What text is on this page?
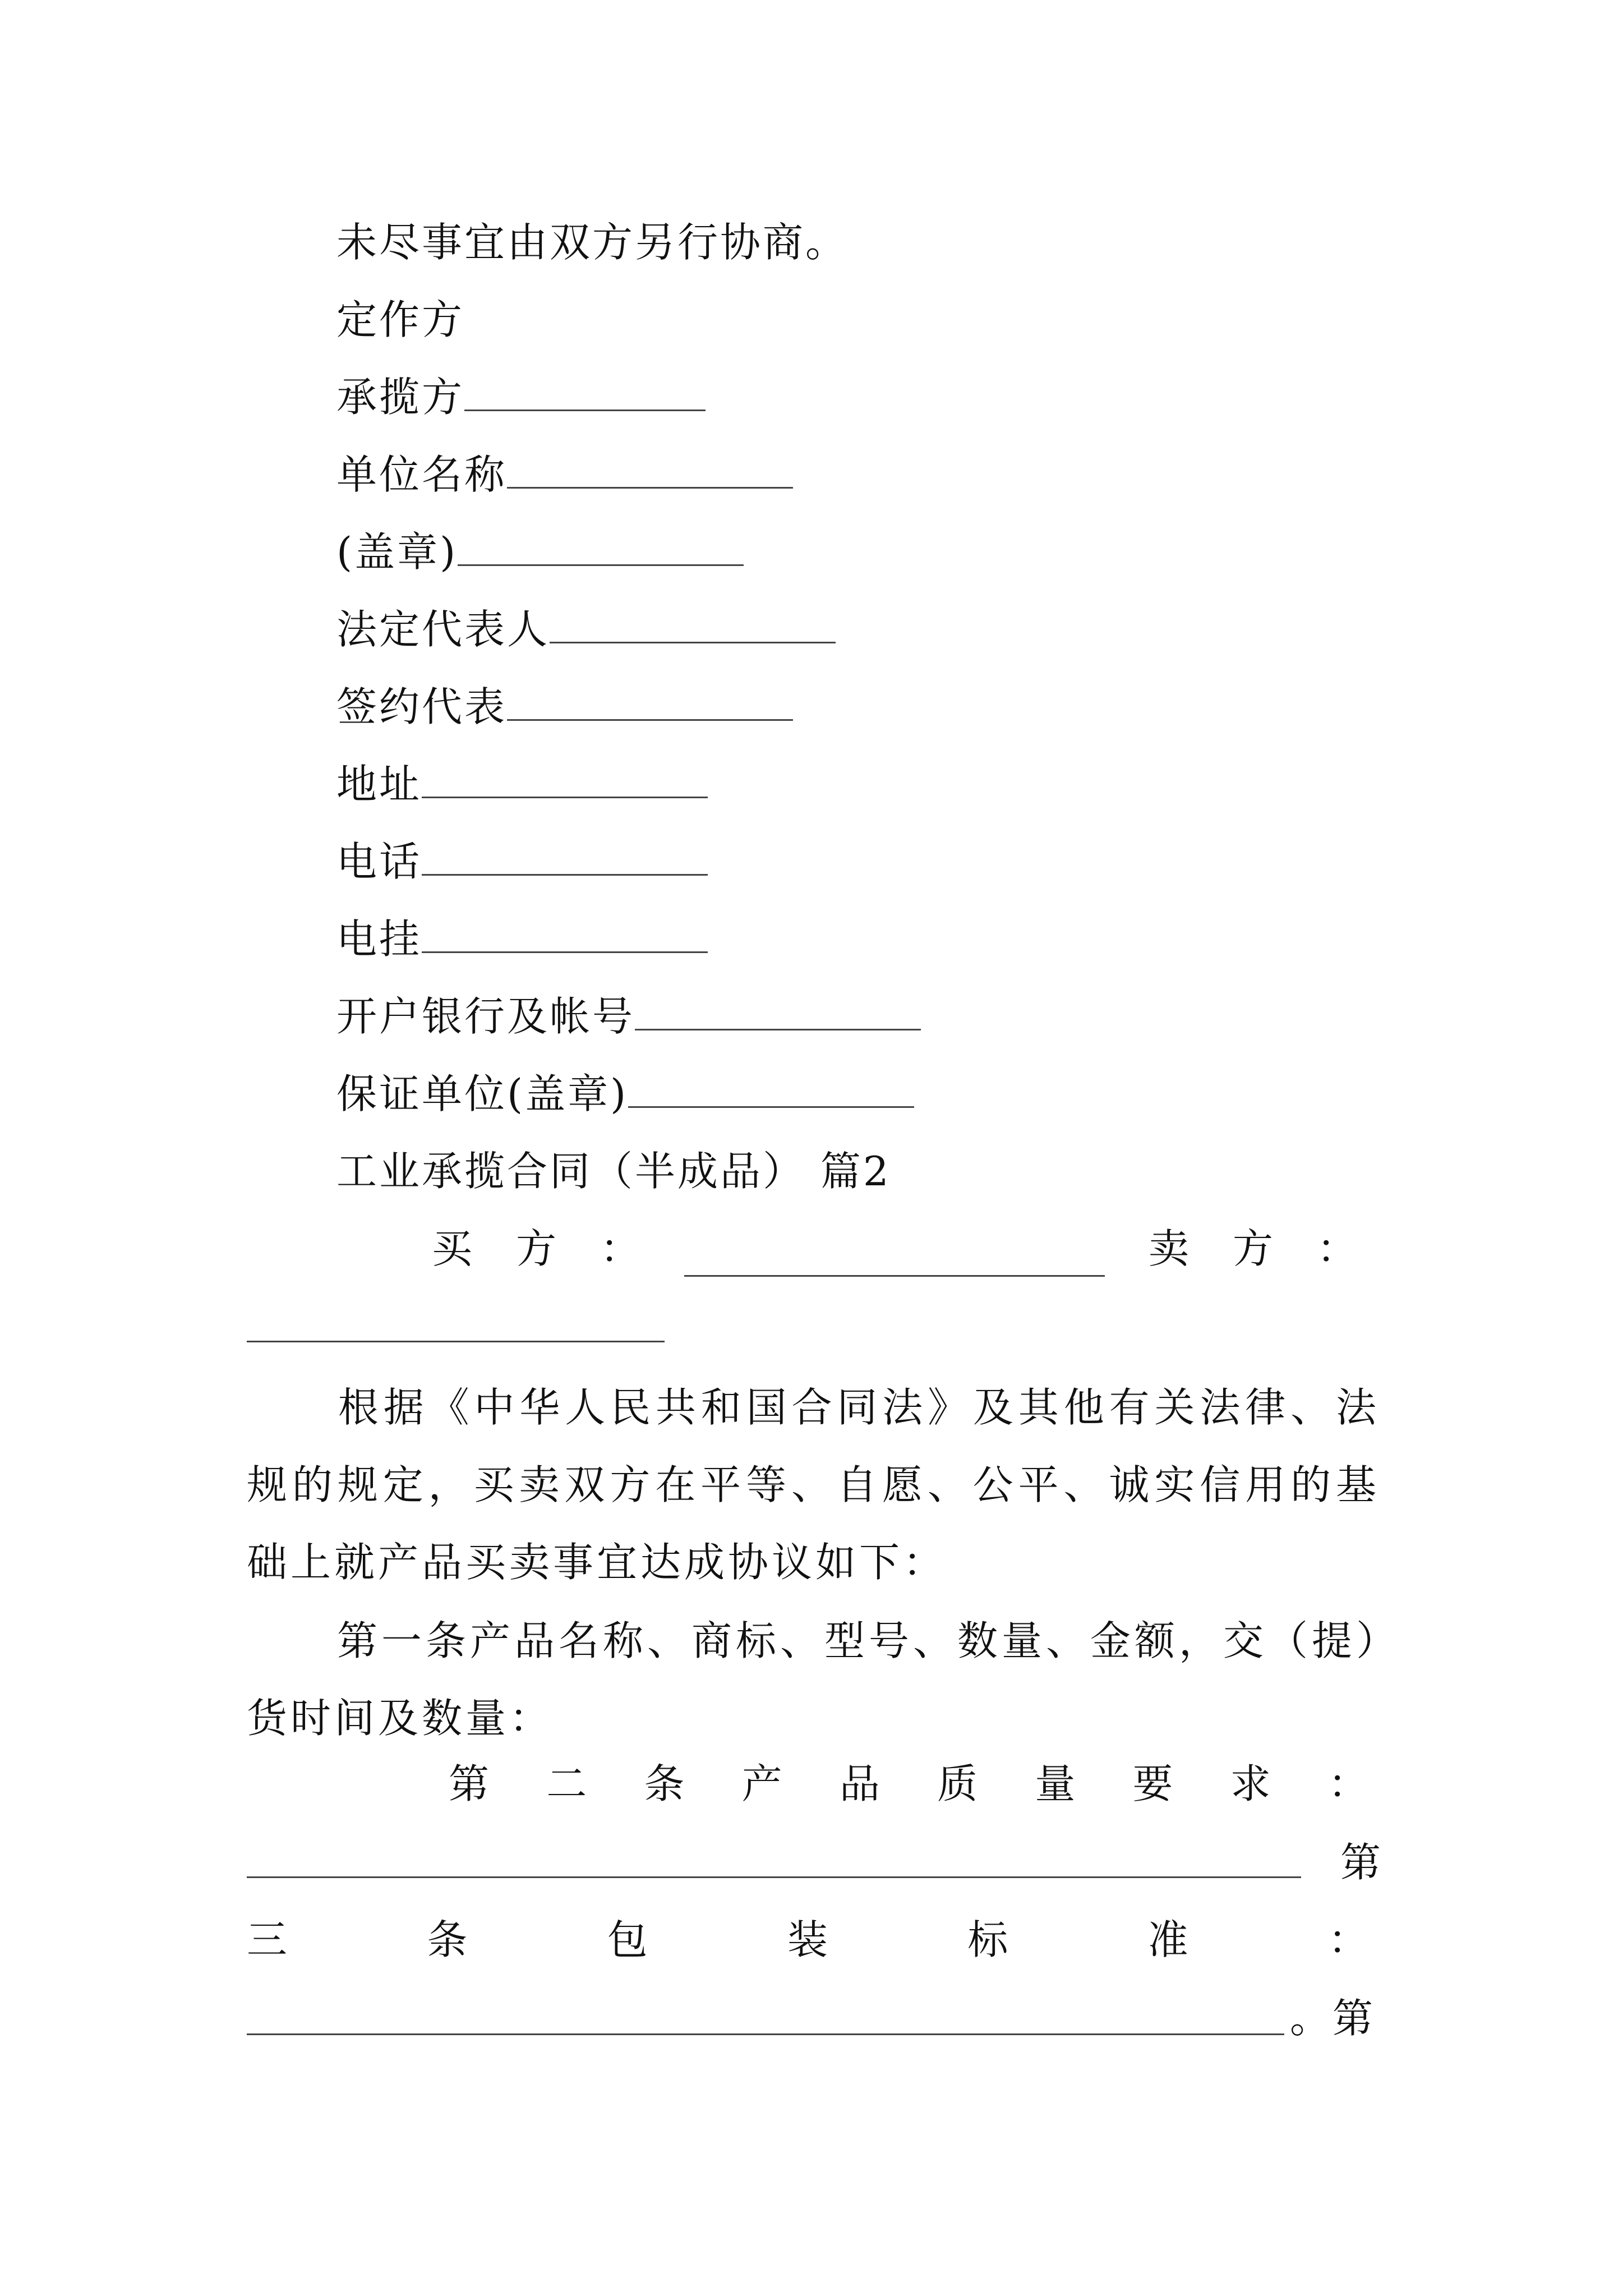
未尽事宜由双方另行协商。
定作方
承揽方
单位名称
(盖章)
法定代表人
签约代表
地址
电话
电挂
开户银行及帐号
保证单位(盖章)
工业承揽合同（半成品） 篇2
买 方 ：	卖 方 ：
根据《中华人民共和国合同法》及其他有关法律、法规的规定，买卖双方在平等、自愿、公平、诚实信用的基础上就产品买卖事宜达成协议如下：
第一条产品名称、商标、型号、数量、金额，交（提）货时间及数量：
第 二 条 产 品 质 量 要 求 ：
第
三	条	包	装	标	准	：
。第
